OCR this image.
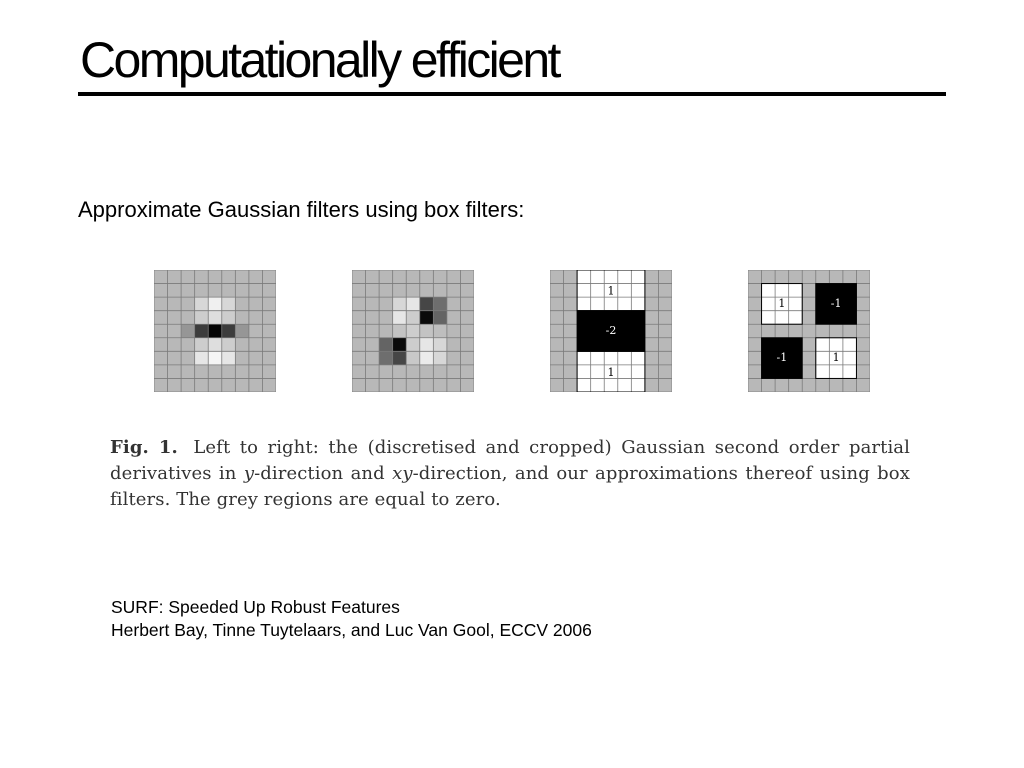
Computationally efficient
Approximate Gaussian filters using box filters:
1
-2
1
1	-1
-1	1
Fig. 1. Left to right: the (discretised and cropped) Gaussian second order partial derivatives in y-direction and xy-direction, and our approximations thereof using box filters. The grey regions are equal to zero.
SURF: Speeded Up Robust Features
Herbert Bay, Tinne Tuytelaars, and Luc Van Gool, ECCV 2006
